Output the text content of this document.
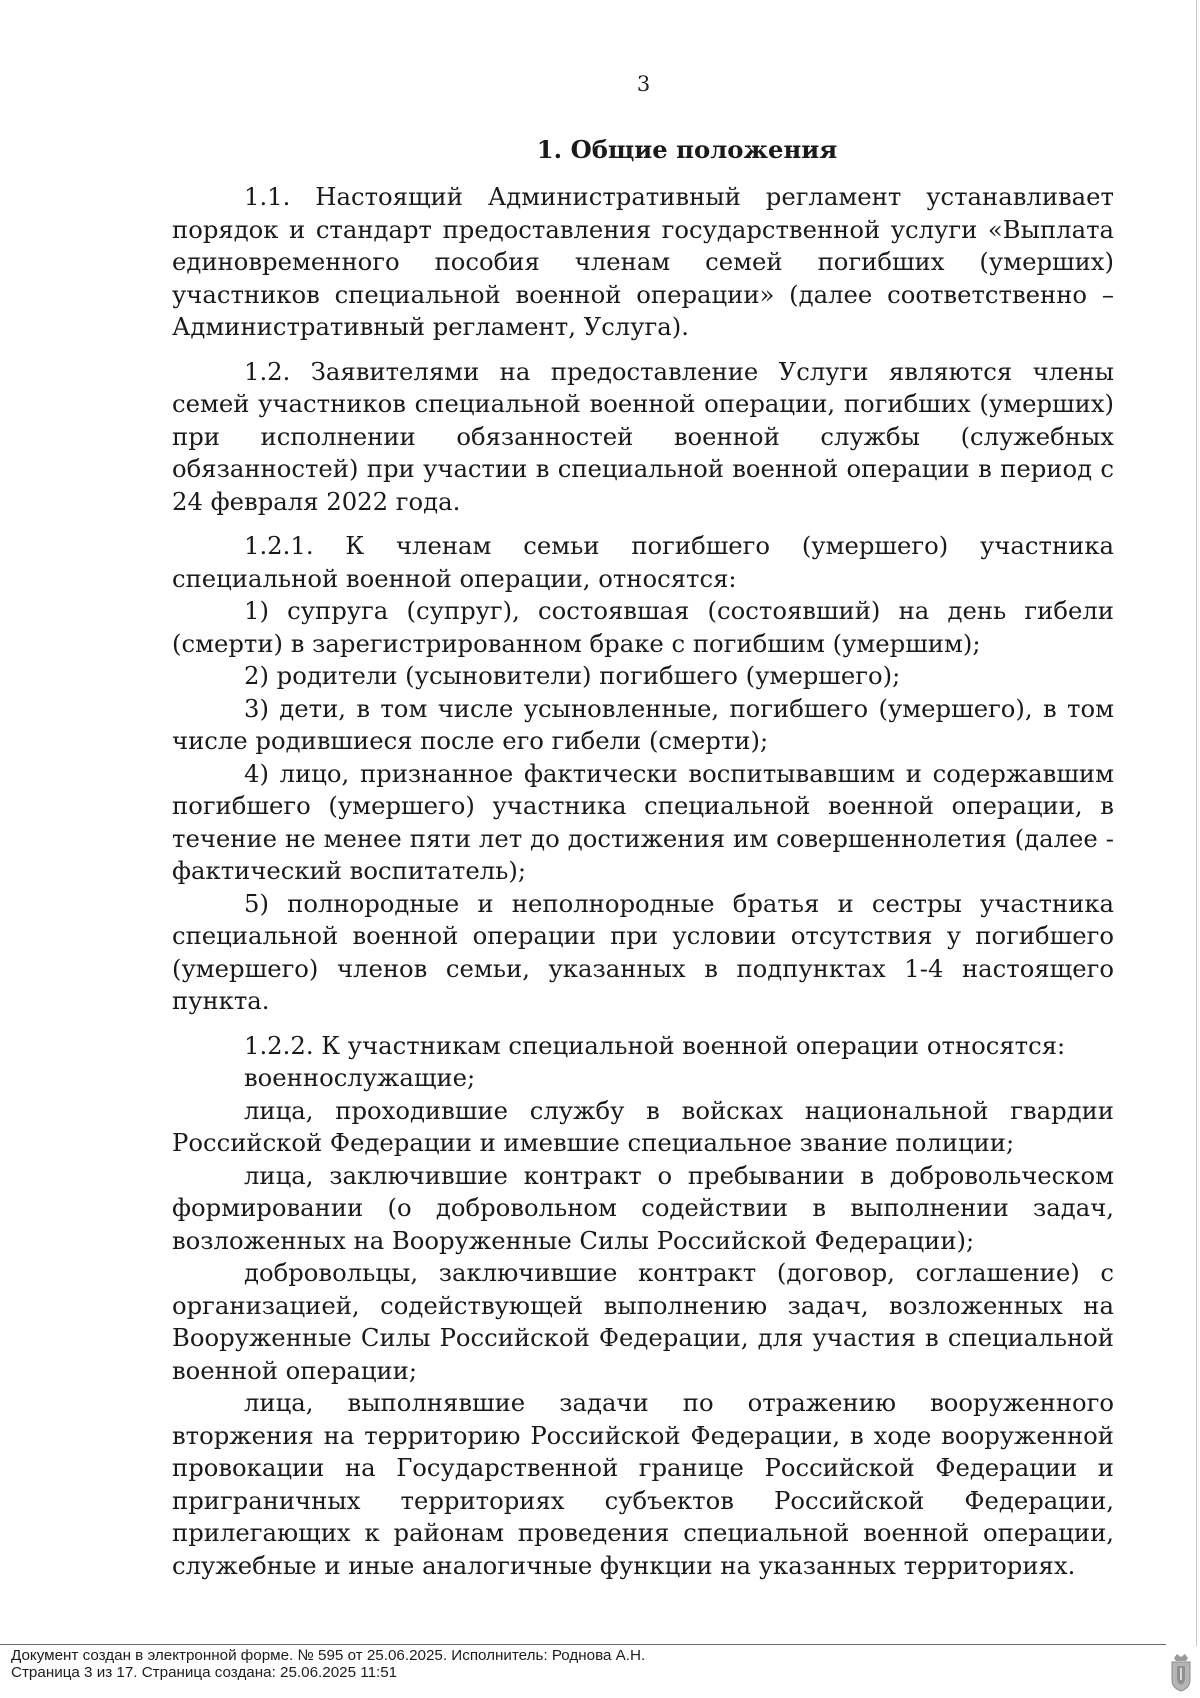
3
1. Общие положения

1.1. Настоящий Административный регламент устанавливает порядок и стандарт предоставления государственной услуги «Выплата единовременного пособия членам семей погибших (умерших) участников специальной военной операции» (далее соответственно – Административный регламент, Услуга).

1.2. Заявителями на предоставление Услуги являются члены семей участников специальной военной операции, погибших (умерших) при исполнении обязанностей военной службы (служебных обязанностей) при участии в специальной военной операции в период с 24 февраля 2022 года.

1.2.1. К членам семьи погибшего (умершего) участника специальной военной операции, относятся:

1) супруга (супруг), состоявшая (состоявший) на день гибели (смерти) в зарегистрированном браке с погибшим (умершим);

2) родители (усыновители) погибшего (умершего);

3) дети, в том числе усыновленные, погибшего (умершего), в том числе родившиеся после его гибели (смерти);

4) лицо, признанное фактически воспитывавшим и содержавшим погибшего (умершего) участника специальной военной операции, в течение не менее пяти лет до достижения им совершеннолетия (далее - фактический воспитатель);

5) полнородные и неполнородные братья и сестры участника специальной военной операции при условии отсутствия у погибшего (умершего) членов семьи, указанных в подпунктах 1-4 настоящего пункта.

1.2.2. К участникам специальной военной операции относятся:

военнослужащие;

лица, проходившие службу в войсках национальной гвардии Российской Федерации и имевшие специальное звание полиции;

лица, заключившие контракт о пребывании в добровольческом формировании (о добровольном содействии в выполнении задач, возложенных на Вооруженные Силы Российской Федерации);

добровольцы, заключившие контракт (договор, соглашение) с организацией, содействующей выполнению задач, возложенных на Вооруженные Силы Российской Федерации, для участия в специальной военной операции;

лица, выполнявшие задачи по отражению вооруженного вторжения на территорию Российской Федерации, в ходе вооруженной провокации на Государственной границе Российской Федерации и приграничных территориях субъектов Российской Федерации, прилегающих к районам проведения специальной военной операции, служебные и иные аналогичные функции на указанных территориях.

Документ создан в электронной форме. № 595 от 25.06.2025. Исполнитель: Роднова А.Н.
Страница 3 из 17. Страница создана: 25.06.2025 11:51
